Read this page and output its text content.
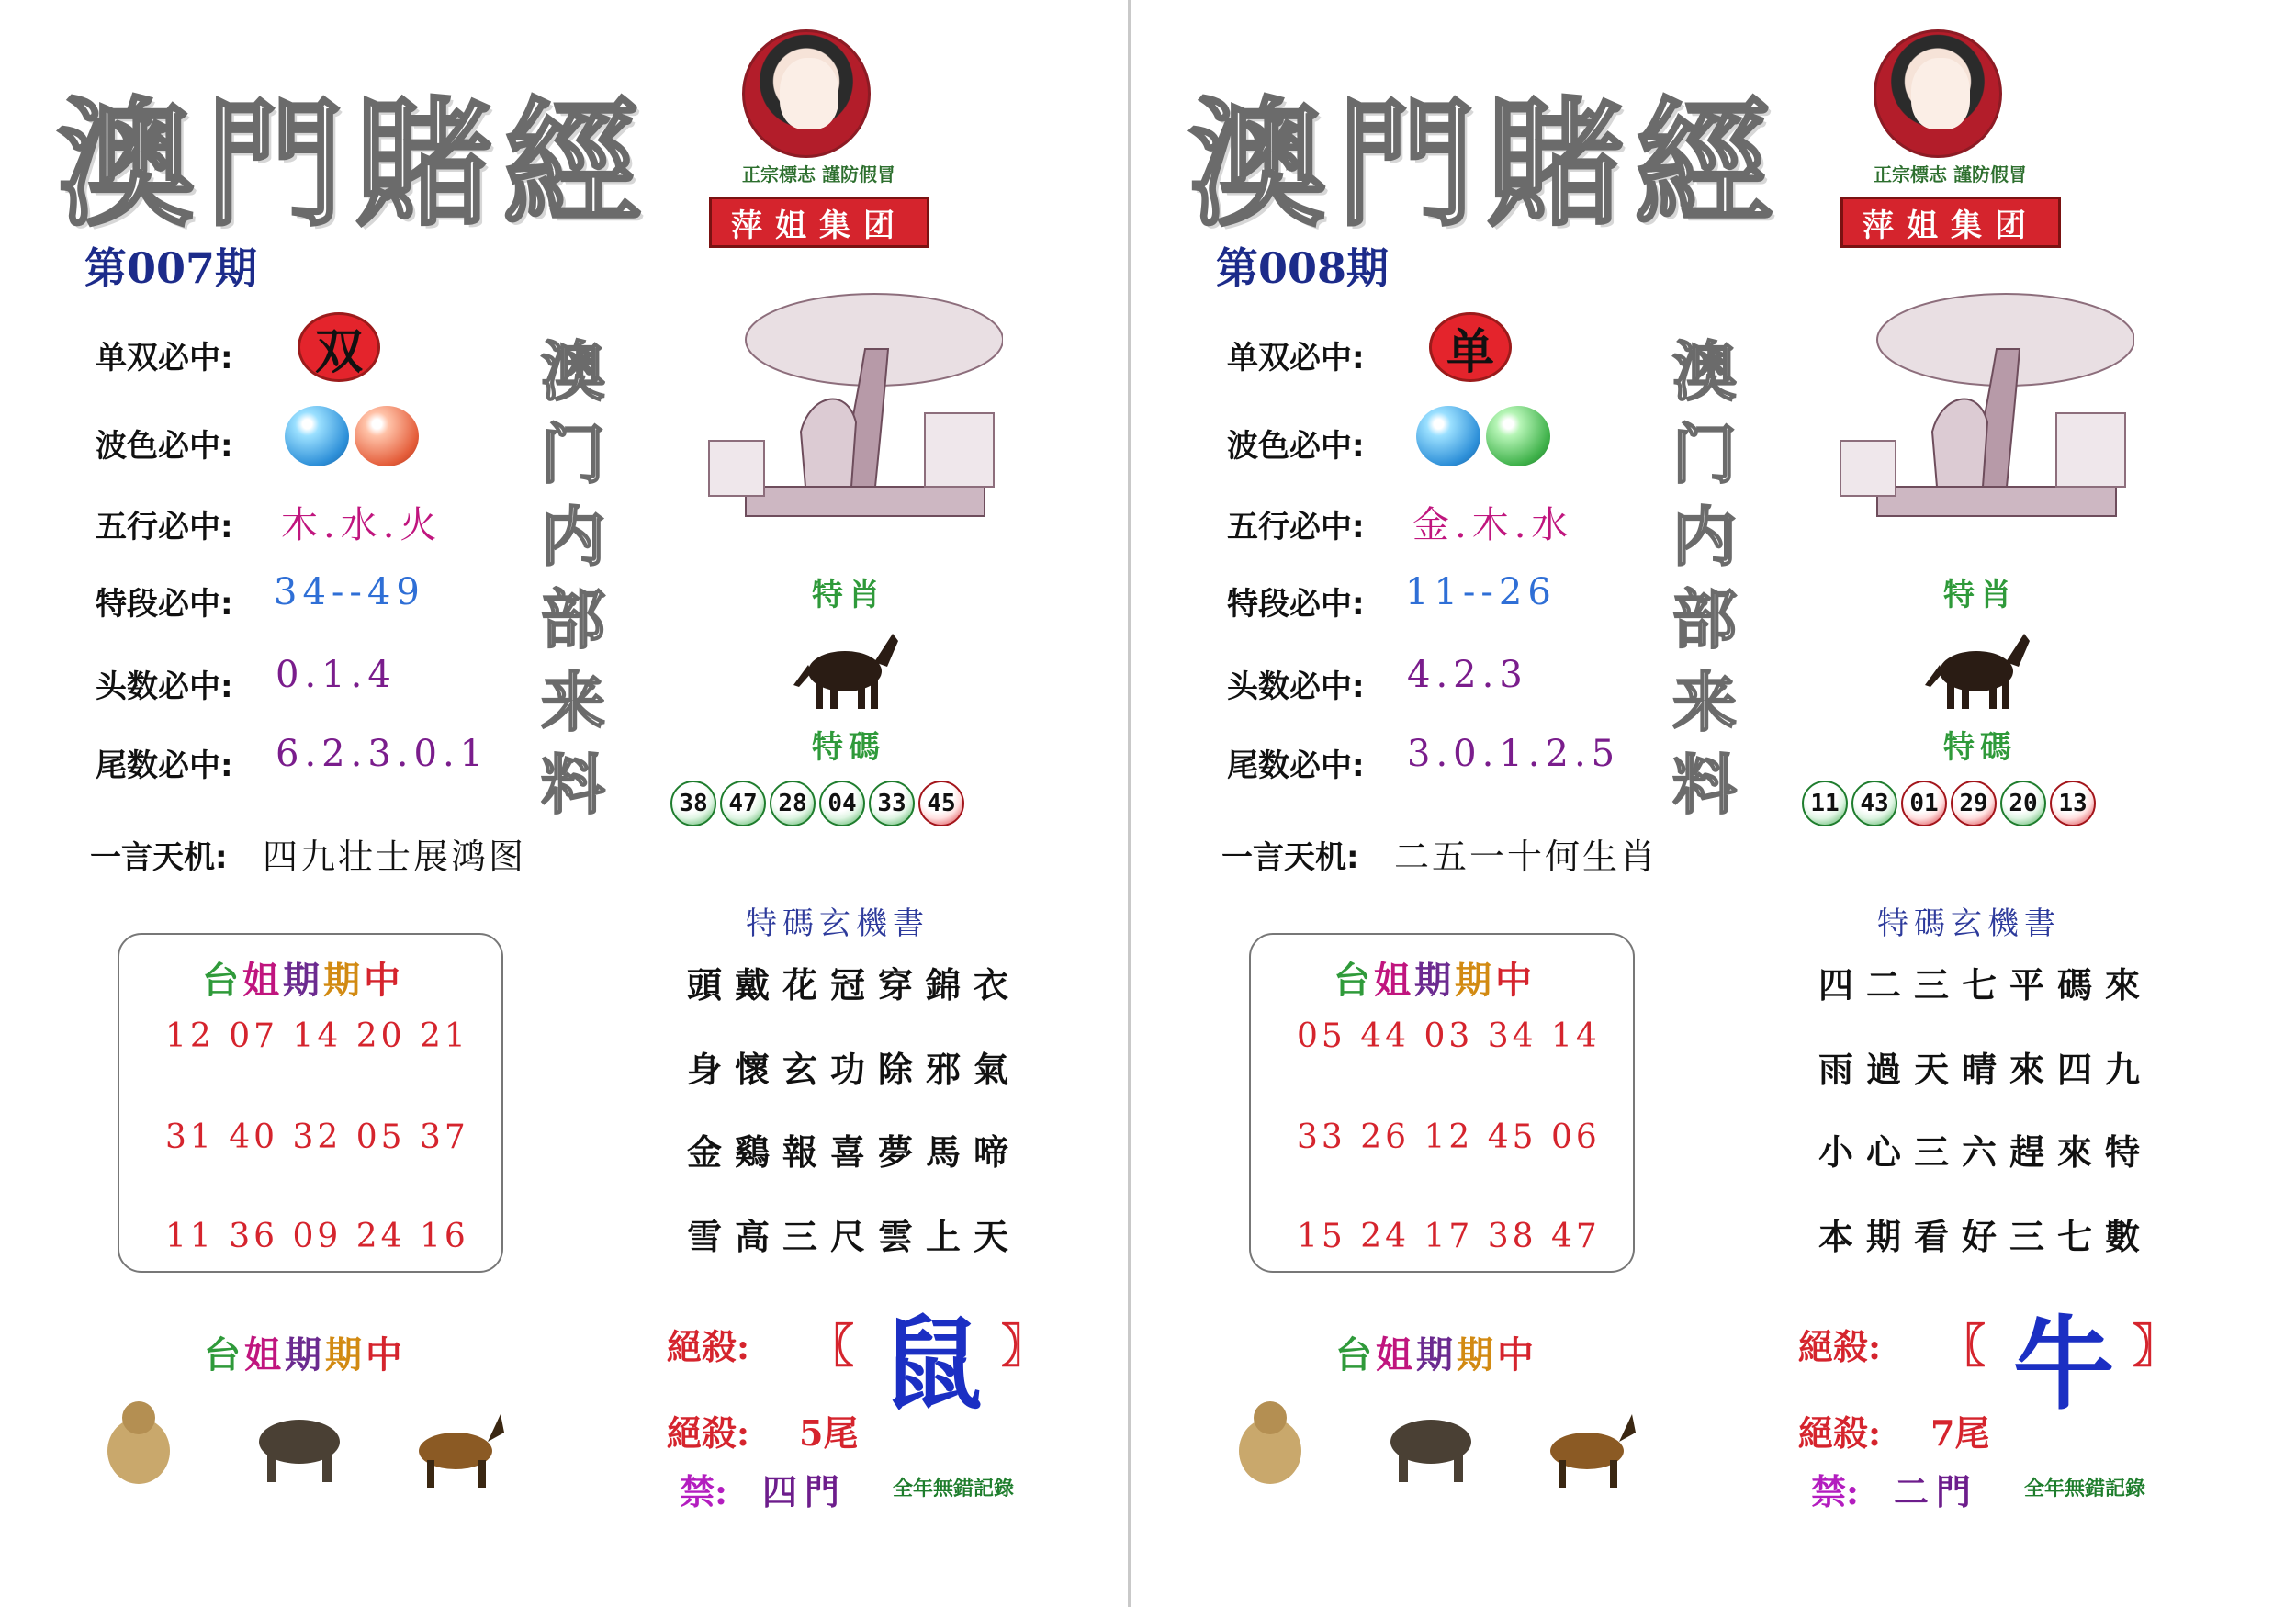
澳門賭經	正宗標志 謹防假冒
萍姐集团
第007期
单双必中:	双
波色必中:
五行必中: 木.水.火
特段必中: 34--49
头数必中: 0.1.4
尾数必中: 6.2.3.0.1
一言天机: 四九壮士展鸿图
澳
门
内
部
来
料
特肖
特碼
38 47 28 04 33 45
台姐期期中
12 07 14 20 21
31 40 32 05 37
11 36 09 24 16
特碼玄機書
頭戴花冠穿錦衣
身懷玄功除邪氣
金鷄報喜夢馬啼
雪高三尺雲上天
台姐期期中	絕殺: 〖 鼠 〗
絕殺: 5尾
禁: 四門 全年無錯記錄
澳門賭經	正宗標志 謹防假冒
萍姐集团
第008期
单双必中:	单
波色必中:
五行必中: 金.木.水
特段必中: 11--26
头数必中: 4.2.3
尾数必中: 3.0.1.2.5
一言天机: 二五一十何生肖
澳
门
内
部
来
料
特肖
特碼
11 43 01 29 20 13
台姐期期中
05 44 03 34 14
33 26 12 45 06
15 24 17 38 47
特碼玄機書
四二三七平碼來
雨過天晴來四九
小心三六趕來特
本期看好三七數
台姐期期中	絕殺: 〖 牛 〗
絕殺: 7尾
禁: 二門 全年無錯記錄
